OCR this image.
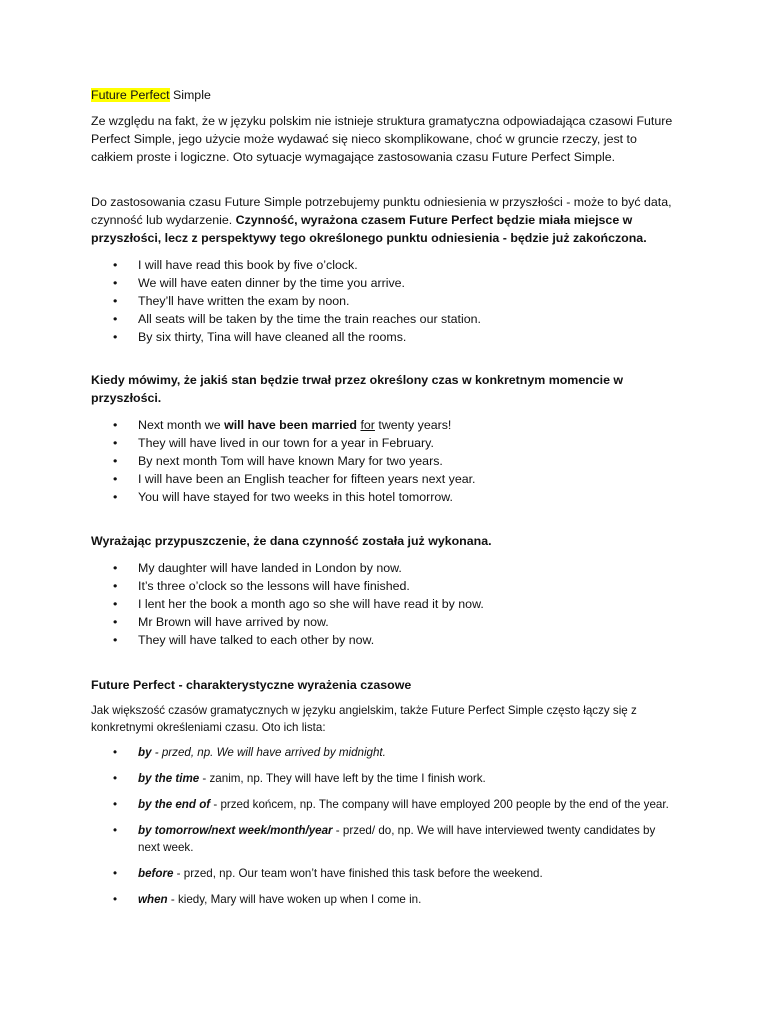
Future Perfect Simple

Ze względu na fakt, że w języku polskim nie istnieje struktura gramatyczna odpowiadająca czasowi Future Perfect Simple, jego użycie może wydawać się nieco skomplikowane, choć w gruncie rzeczy, jest to całkiem proste i logiczne. Oto sytuacje wymagające zastosowania czasu Future Perfect Simple.

Do zastosowania czasu Future Simple potrzebujemy punktu odniesienia w przyszłości - może to być data, czynność lub wydarzenie. Czynność, wyrażona czasem Future Perfect będzie miała miejsce w przyszłości, lecz z perspektywy tego określonego punktu odniesienia - będzie już zakończona.

• I will have read this book by five o’clock.
• We will have eaten dinner by the time you arrive.
• They’ll have written the exam by noon.
• All seats will be taken by the time the train reaches our station.
• By six thirty, Tina will have cleaned all the rooms.

Kiedy mówimy, że jakiś stan będzie trwał przez określony czas w konkretnym momencie w przyszłości.

• Next month we will have been married for twenty years!
• They will have lived in our town for a year in February.
• By next month Tom will have known Mary for two years.
• I will have been an English teacher for fifteen years next year.
• You will have stayed for two weeks in this hotel tomorrow.

Wyrażając przypuszczenie, że dana czynność została już wykonana.

• My daughter will have landed in London by now.
• It’s three o’clock so the lessons will have finished.
• I lent her the book a month ago so she will have read it by now.
• Mr Brown will have arrived by now.
• They will have talked to each other by now.

Future Perfect - charakterystyczne wyrażenia czasowe

Jak większość czasów gramatycznych w języku angielskim, także Future Perfect Simple często łączy się z konkretnymi określeniami czasu. Oto ich lista:

• by - przed, np. We will have arrived by midnight.
• by the time - zanim, np. They will have left by the time I finish work.
• by the end of - przed końcem, np. The company will have employed 200 people by the end of the year.
• by tomorrow/next week/month/year - przed/ do, np. We will have interviewed twenty candidates by next week.
• before - przed, np. Our team won’t have finished this task before the weekend.
• when - kiedy, Mary will have woken up when I come in.
